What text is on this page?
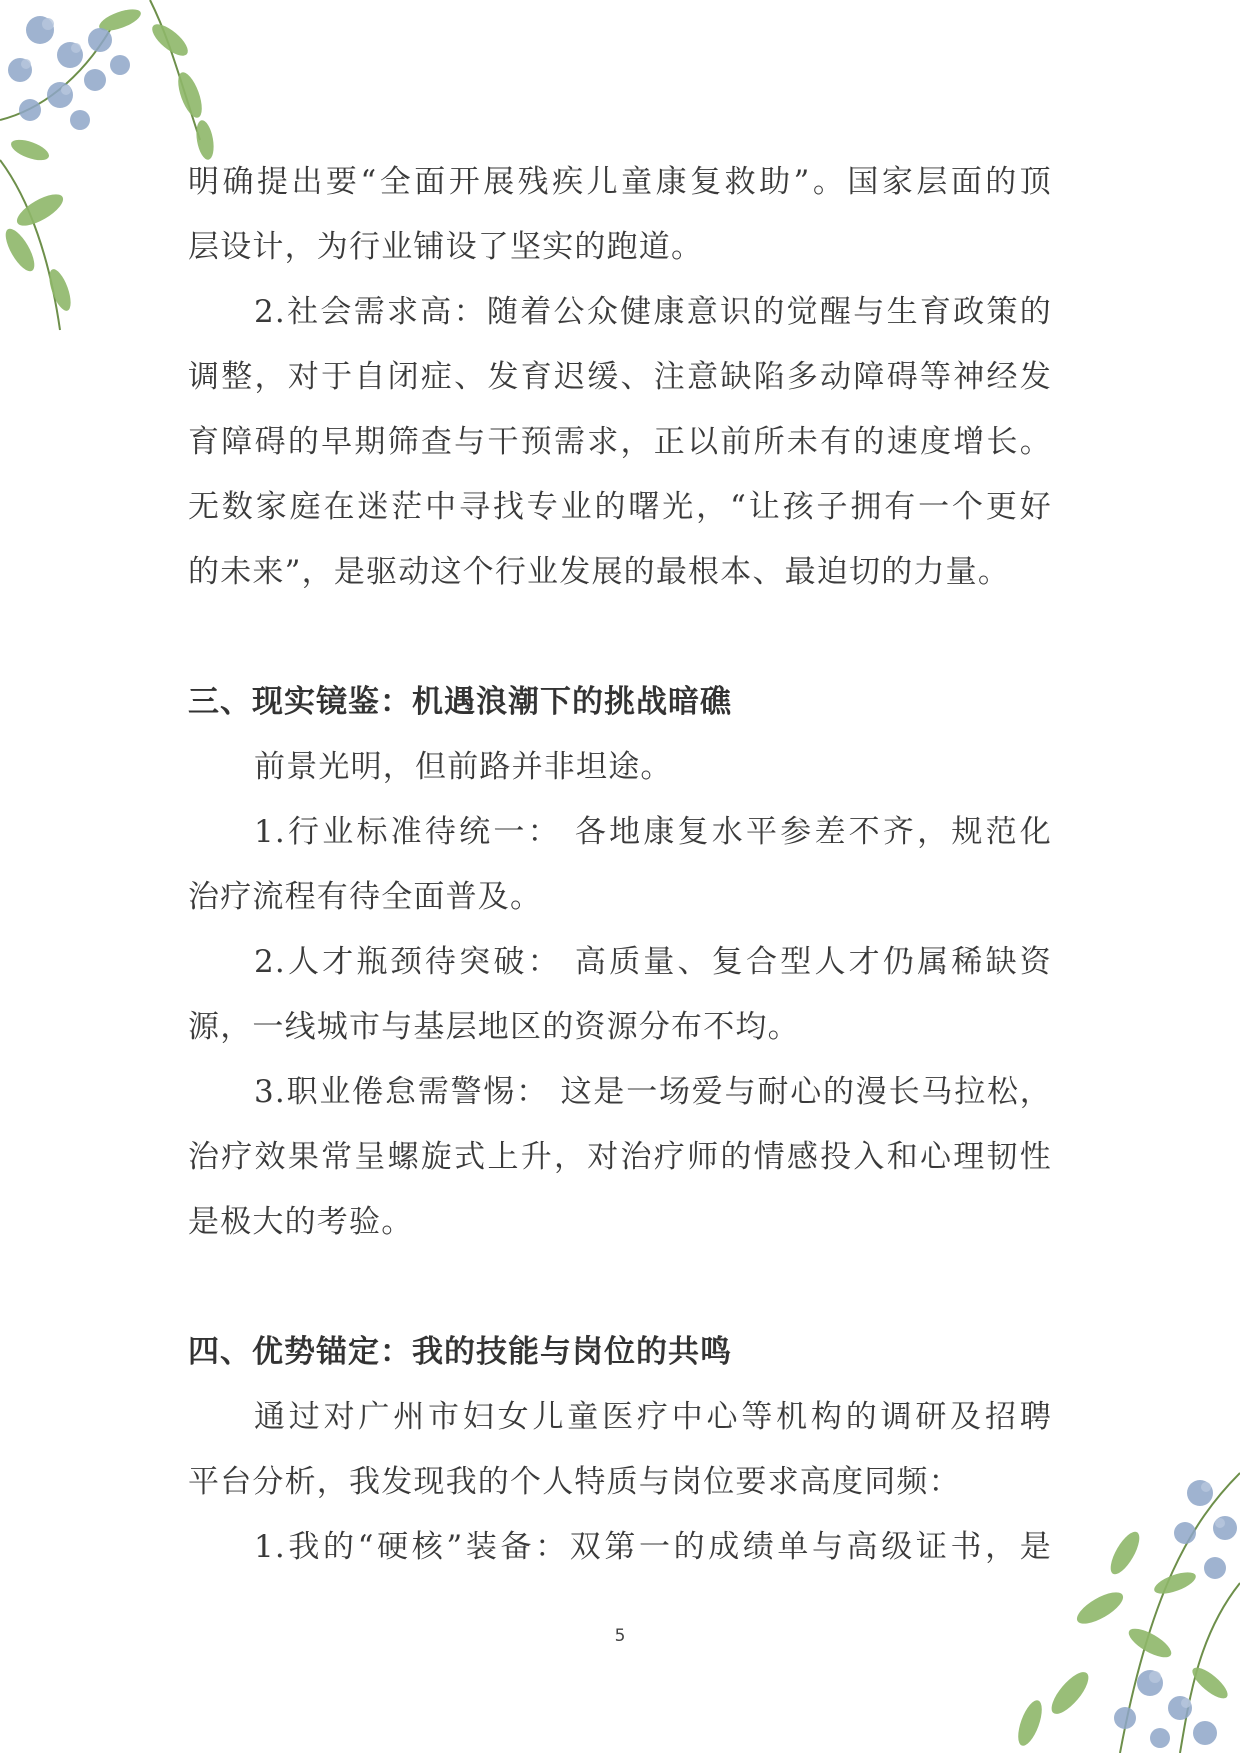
明确提出要“全面开展残疾儿童康复救助”。国家层面的顶

层设计，为行业铺设了坚实的跑道。

2.社会需求高：随着公众健康意识的觉醒与生育政策的

调整，对于自闭症、发育迟缓、注意缺陷多动障碍等神经发

育障碍的早期筛查与干预需求，正以前所未有的速度增长。

无数家庭在迷茫中寻找专业的曙光，“让孩子拥有一个更好

的未来”，是驱动这个行业发展的最根本、最迫切的力量。

三、现实镜鉴：机遇浪潮下的挑战暗礁

前景光明，但前路并非坦途。

1.行业标准待统一： 各地康复水平参差不齐，规范化

治疗流程有待全面普及。

2.人才瓶颈待突破： 高质量、复合型人才仍属稀缺资

源，一线城市与基层地区的资源分布不均。

3.职业倦怠需警惕： 这是一场爱与耐心的漫长马拉松，

治疗效果常呈螺旋式上升，对治疗师的情感投入和心理韧性

是极大的考验。

四、优势锚定：我的技能与岗位的共鸣

通过对广州市妇女儿童医疗中心等机构的调研及招聘

平台分析，我发现我的个人特质与岗位要求高度同频：

1.我的“硬核”装备：双第一的成绩单与高级证书，是

5
